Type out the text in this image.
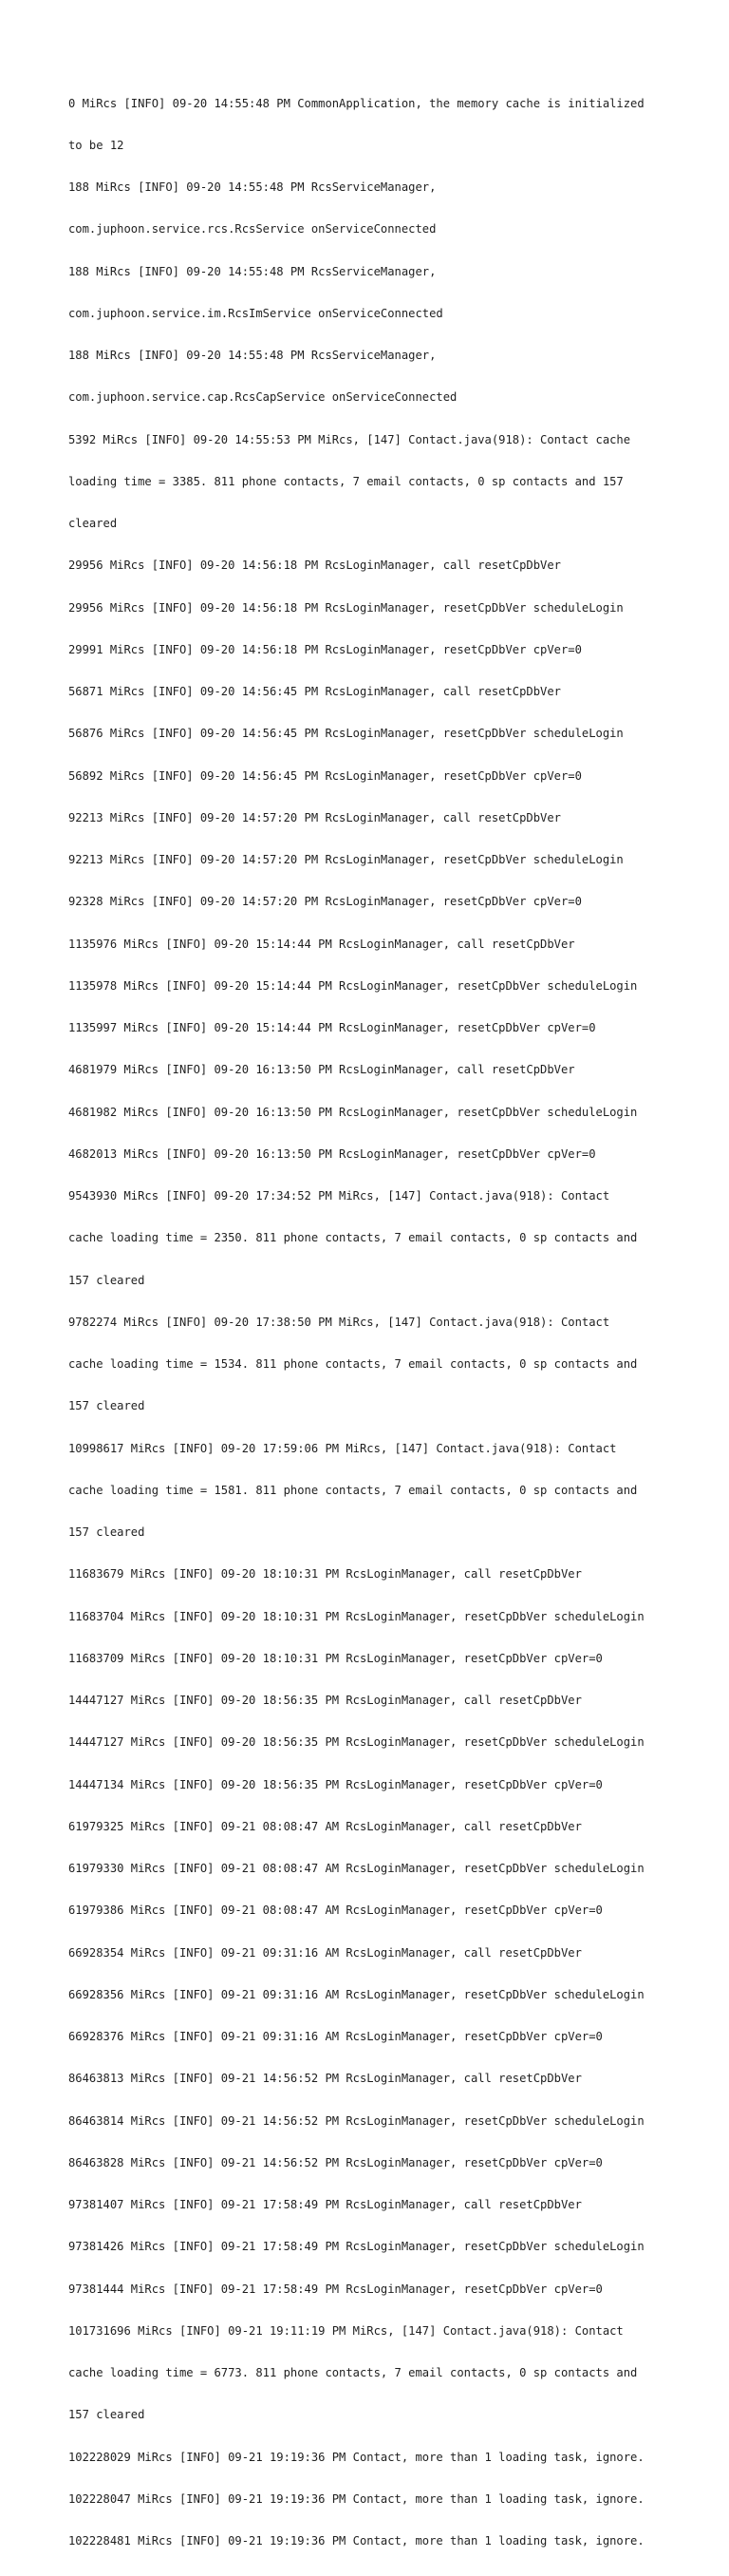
0 MiRcs [INFO] 09-20 14:55:48 PM CommonApplication, the memory cache is initialized

to be 12

188 MiRcs [INFO] 09-20 14:55:48 PM RcsServiceManager,

com.juphoon.service.rcs.RcsService onServiceConnected

188 MiRcs [INFO] 09-20 14:55:48 PM RcsServiceManager,

com.juphoon.service.im.RcsImService onServiceConnected

188 MiRcs [INFO] 09-20 14:55:48 PM RcsServiceManager,

com.juphoon.service.cap.RcsCapService onServiceConnected

5392 MiRcs [INFO] 09-20 14:55:53 PM MiRcs, [147] Contact.java(918): Contact cache

loading time = 3385. 811 phone contacts, 7 email contacts, 0 sp contacts and 157

cleared

29956 MiRcs [INFO] 09-20 14:56:18 PM RcsLoginManager, call resetCpDbVer

29956 MiRcs [INFO] 09-20 14:56:18 PM RcsLoginManager, resetCpDbVer scheduleLogin

29991 MiRcs [INFO] 09-20 14:56:18 PM RcsLoginManager, resetCpDbVer cpVer=0

56871 MiRcs [INFO] 09-20 14:56:45 PM RcsLoginManager, call resetCpDbVer

56876 MiRcs [INFO] 09-20 14:56:45 PM RcsLoginManager, resetCpDbVer scheduleLogin

56892 MiRcs [INFO] 09-20 14:56:45 PM RcsLoginManager, resetCpDbVer cpVer=0

92213 MiRcs [INFO] 09-20 14:57:20 PM RcsLoginManager, call resetCpDbVer

92213 MiRcs [INFO] 09-20 14:57:20 PM RcsLoginManager, resetCpDbVer scheduleLogin

92328 MiRcs [INFO] 09-20 14:57:20 PM RcsLoginManager, resetCpDbVer cpVer=0

1135976 MiRcs [INFO] 09-20 15:14:44 PM RcsLoginManager, call resetCpDbVer

1135978 MiRcs [INFO] 09-20 15:14:44 PM RcsLoginManager, resetCpDbVer scheduleLogin

1135997 MiRcs [INFO] 09-20 15:14:44 PM RcsLoginManager, resetCpDbVer cpVer=0

4681979 MiRcs [INFO] 09-20 16:13:50 PM RcsLoginManager, call resetCpDbVer

4681982 MiRcs [INFO] 09-20 16:13:50 PM RcsLoginManager, resetCpDbVer scheduleLogin

4682013 MiRcs [INFO] 09-20 16:13:50 PM RcsLoginManager, resetCpDbVer cpVer=0

9543930 MiRcs [INFO] 09-20 17:34:52 PM MiRcs, [147] Contact.java(918): Contact

cache loading time = 2350. 811 phone contacts, 7 email contacts, 0 sp contacts and

157 cleared

9782274 MiRcs [INFO] 09-20 17:38:50 PM MiRcs, [147] Contact.java(918): Contact

cache loading time = 1534. 811 phone contacts, 7 email contacts, 0 sp contacts and

157 cleared

10998617 MiRcs [INFO] 09-20 17:59:06 PM MiRcs, [147] Contact.java(918): Contact

cache loading time = 1581. 811 phone contacts, 7 email contacts, 0 sp contacts and

157 cleared

11683679 MiRcs [INFO] 09-20 18:10:31 PM RcsLoginManager, call resetCpDbVer

11683704 MiRcs [INFO] 09-20 18:10:31 PM RcsLoginManager, resetCpDbVer scheduleLogin

11683709 MiRcs [INFO] 09-20 18:10:31 PM RcsLoginManager, resetCpDbVer cpVer=0

14447127 MiRcs [INFO] 09-20 18:56:35 PM RcsLoginManager, call resetCpDbVer

14447127 MiRcs [INFO] 09-20 18:56:35 PM RcsLoginManager, resetCpDbVer scheduleLogin

14447134 MiRcs [INFO] 09-20 18:56:35 PM RcsLoginManager, resetCpDbVer cpVer=0

61979325 MiRcs [INFO] 09-21 08:08:47 AM RcsLoginManager, call resetCpDbVer

61979330 MiRcs [INFO] 09-21 08:08:47 AM RcsLoginManager, resetCpDbVer scheduleLogin

61979386 MiRcs [INFO] 09-21 08:08:47 AM RcsLoginManager, resetCpDbVer cpVer=0

66928354 MiRcs [INFO] 09-21 09:31:16 AM RcsLoginManager, call resetCpDbVer

66928356 MiRcs [INFO] 09-21 09:31:16 AM RcsLoginManager, resetCpDbVer scheduleLogin

66928376 MiRcs [INFO] 09-21 09:31:16 AM RcsLoginManager, resetCpDbVer cpVer=0

86463813 MiRcs [INFO] 09-21 14:56:52 PM RcsLoginManager, call resetCpDbVer

86463814 MiRcs [INFO] 09-21 14:56:52 PM RcsLoginManager, resetCpDbVer scheduleLogin

86463828 MiRcs [INFO] 09-21 14:56:52 PM RcsLoginManager, resetCpDbVer cpVer=0

97381407 MiRcs [INFO] 09-21 17:58:49 PM RcsLoginManager, call resetCpDbVer

97381426 MiRcs [INFO] 09-21 17:58:49 PM RcsLoginManager, resetCpDbVer scheduleLogin

97381444 MiRcs [INFO] 09-21 17:58:49 PM RcsLoginManager, resetCpDbVer cpVer=0

101731696 MiRcs [INFO] 09-21 19:11:19 PM MiRcs, [147] Contact.java(918): Contact

cache loading time = 6773. 811 phone contacts, 7 email contacts, 0 sp contacts and

157 cleared

102228029 MiRcs [INFO] 09-21 19:19:36 PM Contact, more than 1 loading task, ignore.

102228047 MiRcs [INFO] 09-21 19:19:36 PM Contact, more than 1 loading task, ignore.

102228481 MiRcs [INFO] 09-21 19:19:36 PM Contact, more than 1 loading task, ignore.
